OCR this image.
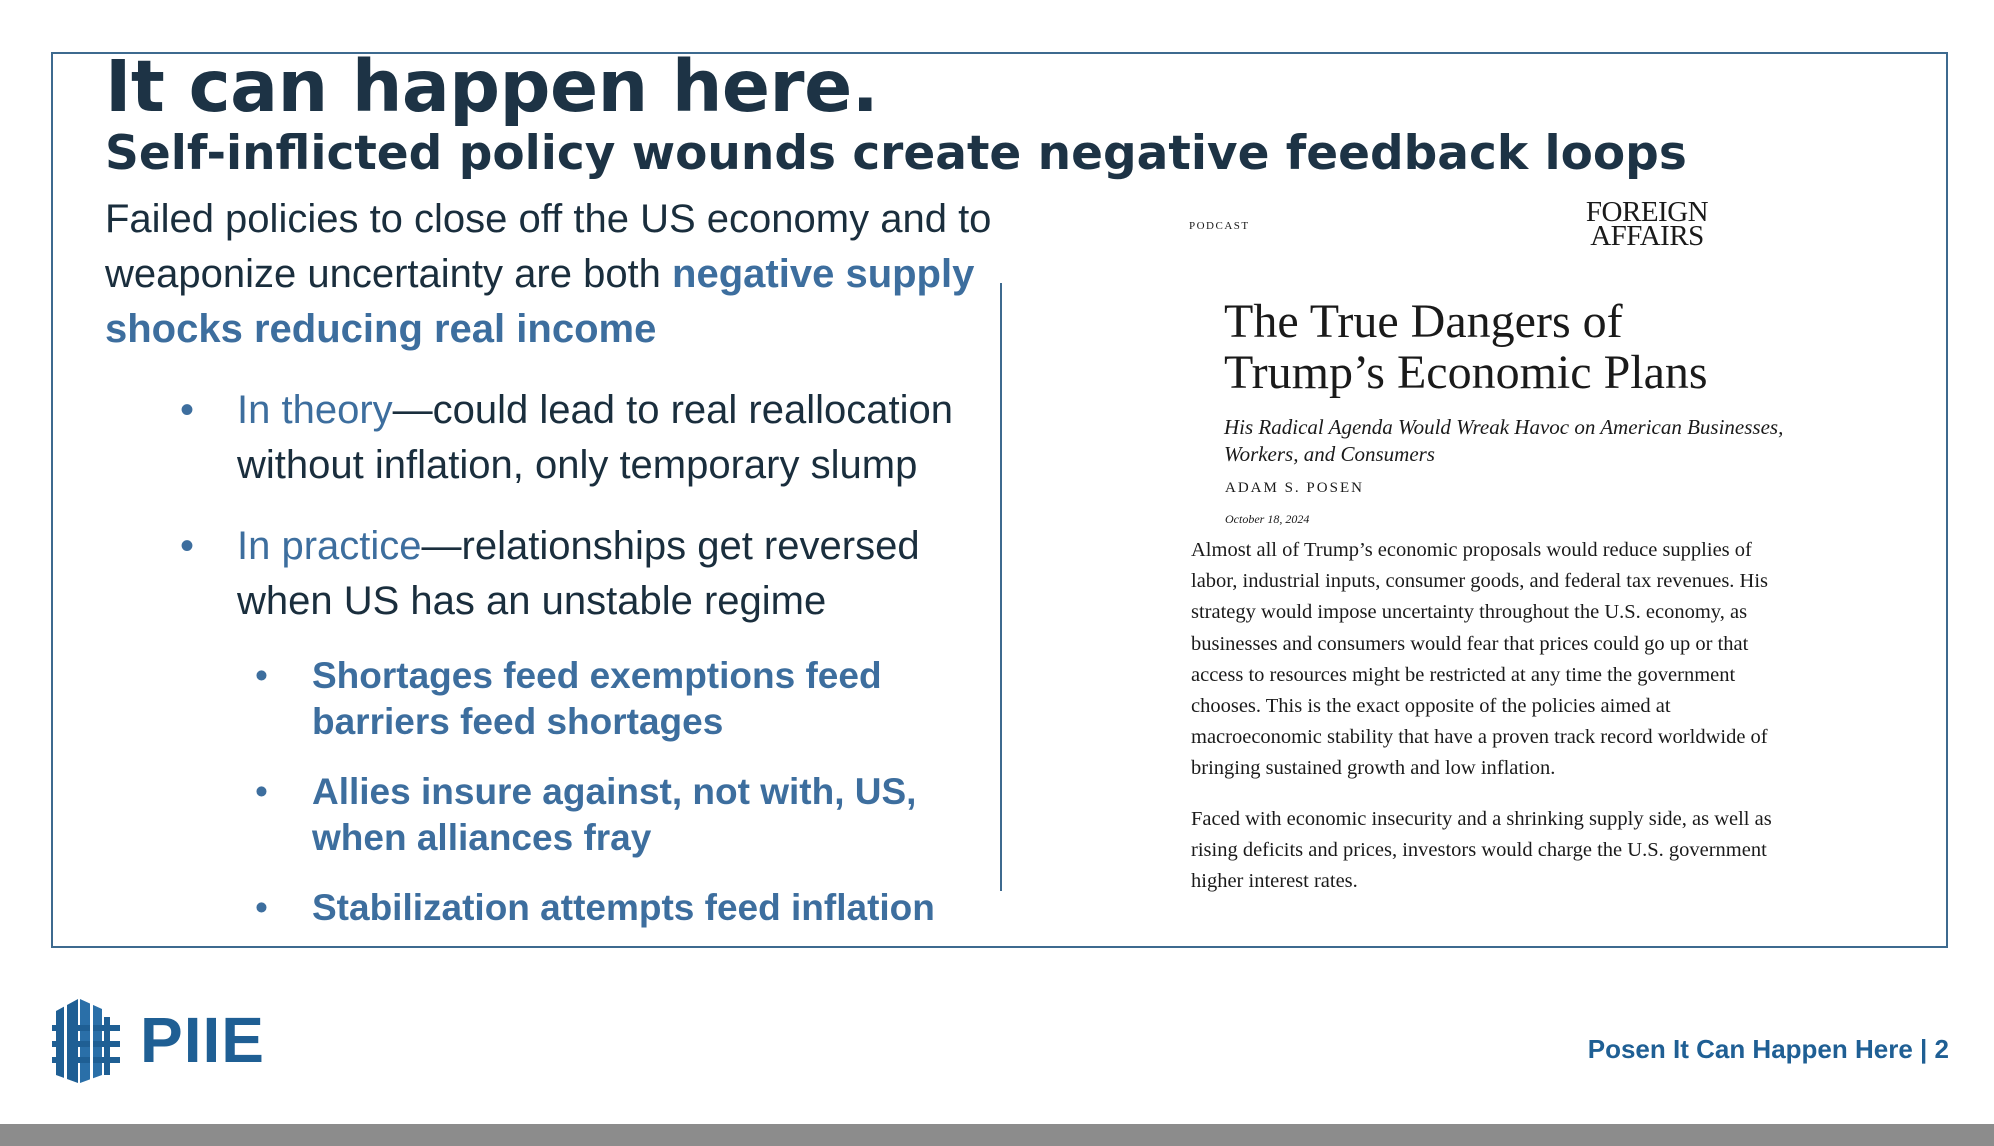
It can happen here.
Self-inflicted policy wounds create negative feedback loops

Failed policies to close off the US economy and to weaponize uncertainty are both negative supply shocks reducing real income

• In theory—could lead to real reallocation without inflation, only temporary slump
• In practice—relationships get reversed when US has an unstable regime
• Shortages feed exemptions feed barriers feed shortages
• Allies insure against, not with, US, when alliances fray
• Stabilization attempts feed inflation
PODCAST	FOREIGN
AFFAIRS
The True Dangers of Trump’s Economic Plans

His Radical Agenda Would Wreak Havoc on American Businesses, Workers, and Consumers

ADAM S. POSEN
October 18, 2024

Almost all of Trump’s economic proposals would reduce supplies of labor, industrial inputs, consumer goods, and federal tax revenues. His strategy would impose uncertainty throughout the U.S. economy, as businesses and consumers would fear that prices could go up or that access to resources might be restricted at any time the government chooses. This is the exact opposite of the policies aimed at macroeconomic stability that have a proven track record worldwide of bringing sustained growth and low inflation.

Faced with economic insecurity and a shrinking supply side, as well as rising deficits and prices, investors would charge the U.S. government higher interest rates.

PIIE	Posen It Can Happen Here | 2
